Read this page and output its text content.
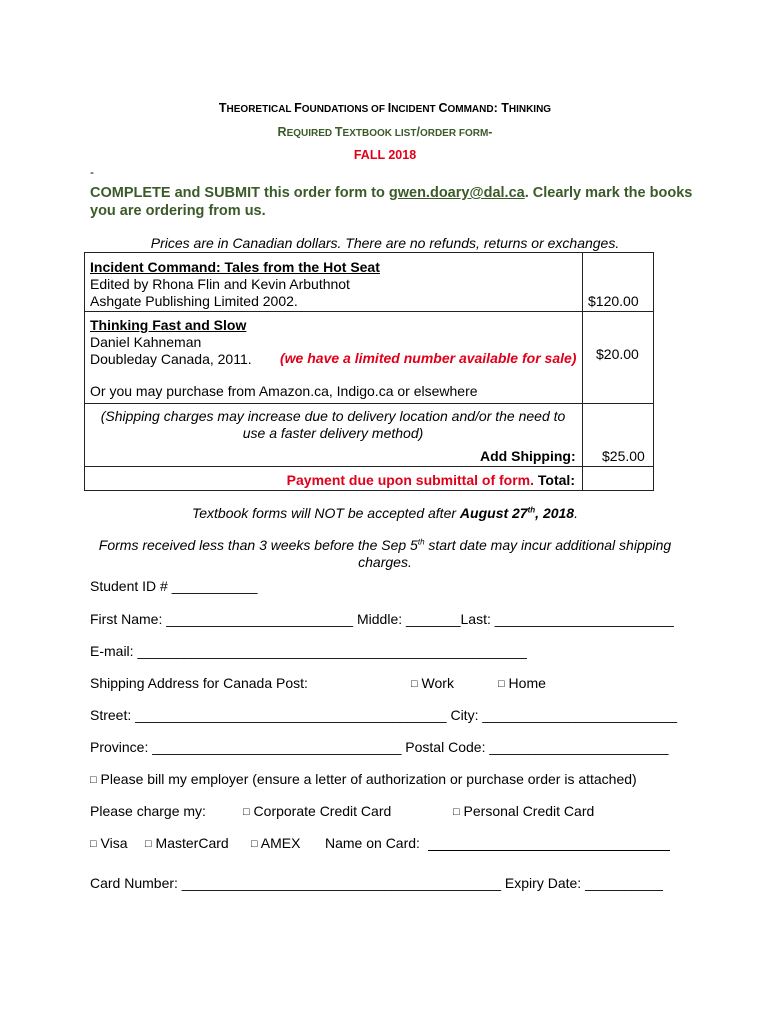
THEORETICAL FOUNDATIONS OF INCIDENT COMMAND: THINKING
REQUIRED TEXTBOOK LIST/ORDER FORM-
FALL 2018
-
COMPLETE and SUBMIT this order form to gwen.doary@dal.ca. Clearly mark the books
you are ordering from us.
Prices are in Canadian dollars. There are no refunds, returns or exchanges.
Incident Command: Tales from the Hot Seat
Edited by Rhona Flin and Kevin Arbuthnot
Ashgate Publishing Limited 2002.	$120.00
Thinking Fast and Slow
Daniel Kahneman
Doubleday Canada, 2011. (we have a limited number available for sale) $20.00
Or you may purchase from Amazon.ca, Indigo.ca or elsewhere
(Shipping charges may increase due to delivery location and/or the need to
use a faster delivery method)
Add Shipping: $25.00
Payment due upon submittal of form. Total:
Textbook forms will NOT be accepted after August 27th, 2018.
Forms received less than 3 weeks before the Sep 5th start date may incur additional shipping
charges.
Student ID # ___________
First Name: ________________________ Middle: _______Last: _______________________
E-mail: __________________________________________________
Shipping Address for Canada Post:	□ Work	□ Home
Street: ________________________________________ City: _________________________
Province: ________________________________ Postal Code: _______________________
□ Please bill my employer (ensure a letter of authorization or purchase order is attached)
Please charge my:	□ Corporate Credit Card	□ Personal Credit Card
□ Visa □ MasterCard □ AMEX Name on Card:
Card Number: _________________________________________ Expiry Date: __________
